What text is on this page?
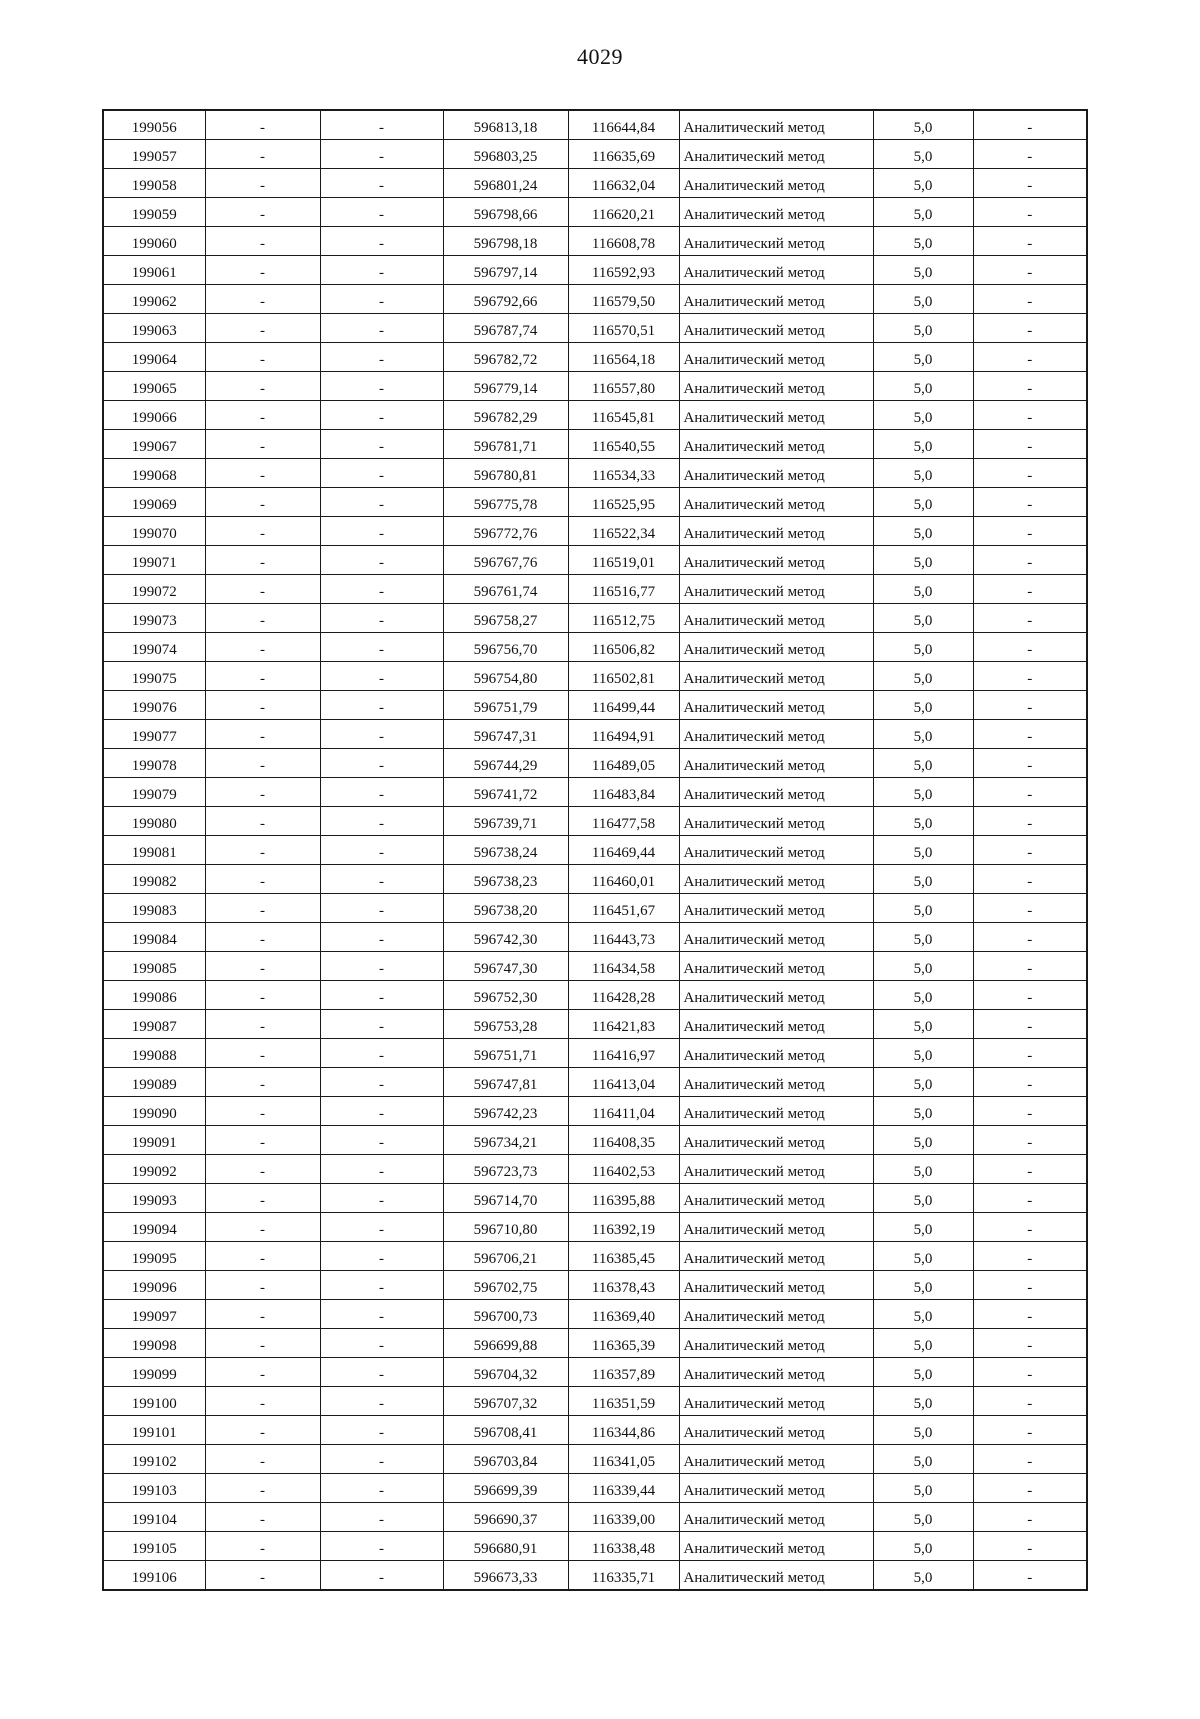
4029
199056	-	-	596813,18	116644,84	Аналитический метод	5,0	-
199057	-	-	596803,25	116635,69	Аналитический метод	5,0	-
199058	-	-	596801,24	116632,04	Аналитический метод	5,0	-
199059	-	-	596798,66	116620,21	Аналитический метод	5,0	-
199060	-	-	596798,18	116608,78	Аналитический метод	5,0	-
199061	-	-	596797,14	116592,93	Аналитический метод	5,0	-
199062	-	-	596792,66	116579,50	Аналитический метод	5,0	-
199063	-	-	596787,74	116570,51	Аналитический метод	5,0	-
199064	-	-	596782,72	116564,18	Аналитический метод	5,0	-
199065	-	-	596779,14	116557,80	Аналитический метод	5,0	-
199066	-	-	596782,29	116545,81	Аналитический метод	5,0	-
199067	-	-	596781,71	116540,55	Аналитический метод	5,0	-
199068	-	-	596780,81	116534,33	Аналитический метод	5,0	-
199069	-	-	596775,78	116525,95	Аналитический метод	5,0	-
199070	-	-	596772,76	116522,34	Аналитический метод	5,0	-
199071	-	-	596767,76	116519,01	Аналитический метод	5,0	-
199072	-	-	596761,74	116516,77	Аналитический метод	5,0	-
199073	-	-	596758,27	116512,75	Аналитический метод	5,0	-
199074	-	-	596756,70	116506,82	Аналитический метод	5,0	-
199075	-	-	596754,80	116502,81	Аналитический метод	5,0	-
199076	-	-	596751,79	116499,44	Аналитический метод	5,0	-
199077	-	-	596747,31	116494,91	Аналитический метод	5,0	-
199078	-	-	596744,29	116489,05	Аналитический метод	5,0	-
199079	-	-	596741,72	116483,84	Аналитический метод	5,0	-
199080	-	-	596739,71	116477,58	Аналитический метод	5,0	-
199081	-	-	596738,24	116469,44	Аналитический метод	5,0	-
199082	-	-	596738,23	116460,01	Аналитический метод	5,0	-
199083	-	-	596738,20	116451,67	Аналитический метод	5,0	-
199084	-	-	596742,30	116443,73	Аналитический метод	5,0	-
199085	-	-	596747,30	116434,58	Аналитический метод	5,0	-
199086	-	-	596752,30	116428,28	Аналитический метод	5,0	-
199087	-	-	596753,28	116421,83	Аналитический метод	5,0	-
199088	-	-	596751,71	116416,97	Аналитический метод	5,0	-
199089	-	-	596747,81	116413,04	Аналитический метод	5,0	-
199090	-	-	596742,23	116411,04	Аналитический метод	5,0	-
199091	-	-	596734,21	116408,35	Аналитический метод	5,0	-
199092	-	-	596723,73	116402,53	Аналитический метод	5,0	-
199093	-	-	596714,70	116395,88	Аналитический метод	5,0	-
199094	-	-	596710,80	116392,19	Аналитический метод	5,0	-
199095	-	-	596706,21	116385,45	Аналитический метод	5,0	-
199096	-	-	596702,75	116378,43	Аналитический метод	5,0	-
199097	-	-	596700,73	116369,40	Аналитический метод	5,0	-
199098	-	-	596699,88	116365,39	Аналитический метод	5,0	-
199099	-	-	596704,32	116357,89	Аналитический метод	5,0	-
199100	-	-	596707,32	116351,59	Аналитический метод	5,0	-
199101	-	-	596708,41	116344,86	Аналитический метод	5,0	-
199102	-	-	596703,84	116341,05	Аналитический метод	5,0	-
199103	-	-	596699,39	116339,44	Аналитический метод	5,0	-
199104	-	-	596690,37	116339,00	Аналитический метод	5,0	-
199105	-	-	596680,91	116338,48	Аналитический метод	5,0	-
199106	-	-	596673,33	116335,71	Аналитический метод	5,0	-
